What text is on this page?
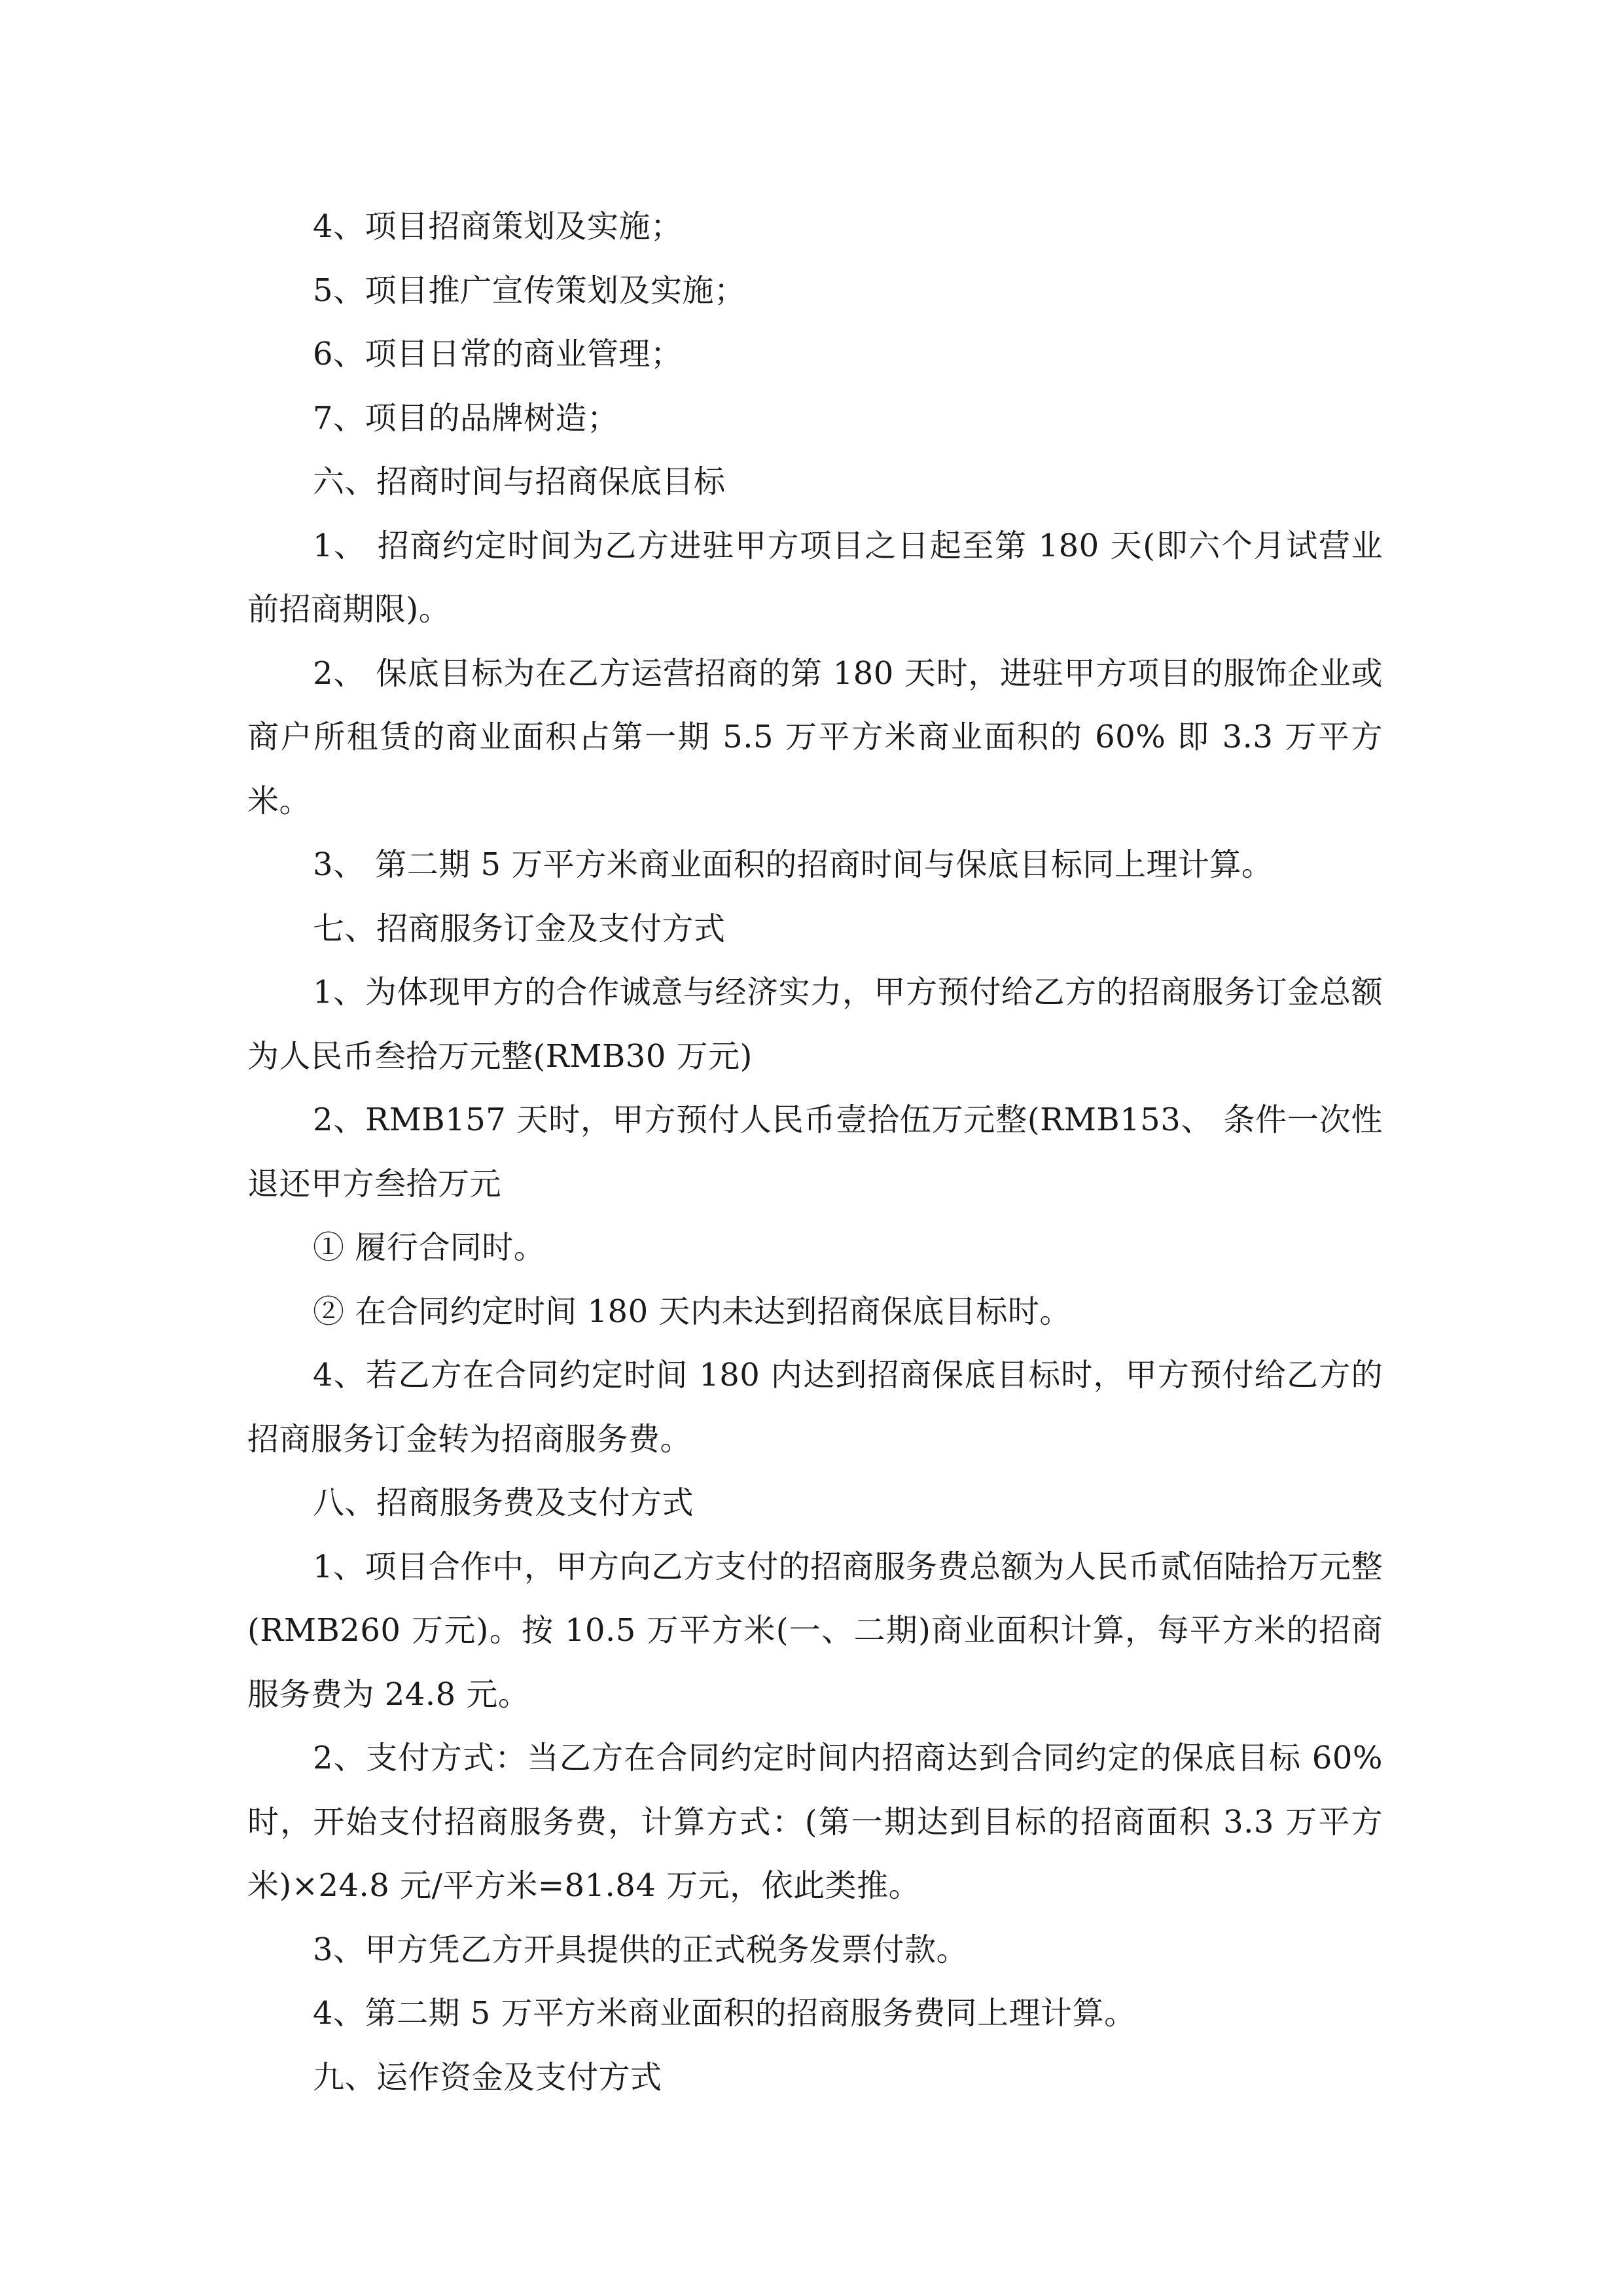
4、项目招商策划及实施；

5、项目推广宣传策划及实施；

6、项目日常的商业管理；

7、项目的品牌树造；

六、招商时间与招商保底目标

1、 招商约定时间为乙方进驻甲方项目之日起至第 180 天(即六个月试营业前招商期限)。

2、 保底目标为在乙方运营招商的第 180 天时，进驻甲方项目的服饰企业或商户所租赁的商业面积占第一期 5.5 万平方米商业面积的 60% 即 3.3 万平方米。

3、 第二期 5 万平方米商业面积的招商时间与保底目标同上理计算。

七、招商服务订金及支付方式

1、为体现甲方的合作诚意与经济实力，甲方预付给乙方的招商服务订金总额为人民币叁拾万元整(RMB30 万元)

2、RMB157 天时，甲方预付人民币壹拾伍万元整(RMB153、 条件一次性退还甲方叁拾万元

① 履行合同时。

② 在合同约定时间 180 天内未达到招商保底目标时。

4、若乙方在合同约定时间 180 内达到招商保底目标时，甲方预付给乙方的招商服务订金转为招商服务费。

八、招商服务费及支付方式

1、项目合作中，甲方向乙方支付的招商服务费总额为人民币贰佰陆拾万元整(RMB260 万元)。按 10.5 万平方米(一、二期)商业面积计算，每平方米的招商服务费为 24.8 元。

2、支付方式：当乙方在合同约定时间内招商达到合同约定的保底目标 60%时，开始支付招商服务费，计算方式：(第一期达到目标的招商面积 3.3 万平方米)×24.8 元/平方米=81.84 万元，依此类推。

3、甲方凭乙方开具提供的正式税务发票付款。

4、第二期 5 万平方米商业面积的招商服务费同上理计算。

九、运作资金及支付方式
